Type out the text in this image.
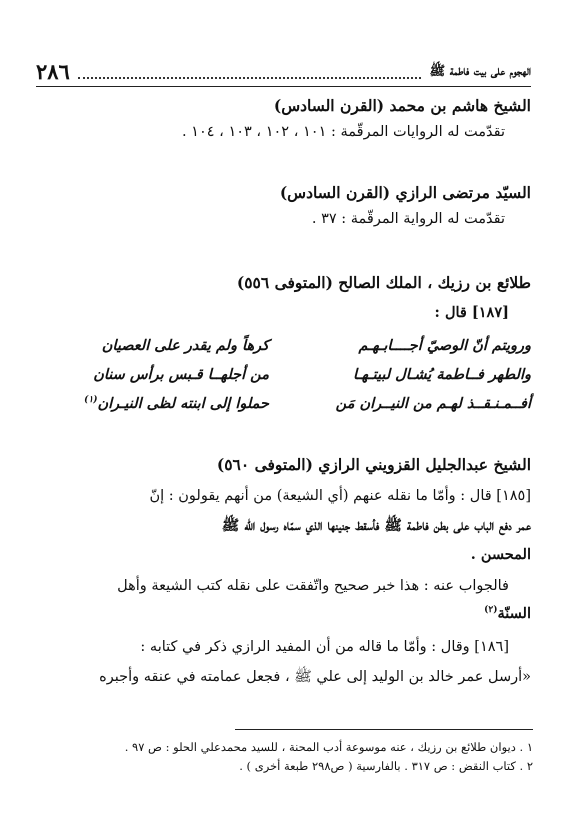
الهجوم على بيت فاطمة ﷺ
٢٨٦
الشيخ هاشم بن محمد (القرن السادس)
تقدّمت له الروايات المرقّمة : ١٠١ ، ١٠٢ ، ١٠٣ ، ١٠٤ .
السيّد مرتضى الرازي (القرن السادس)
تقدّمت له الرواية المرقّمة : ٣٧ .
طلائع بن رزيك ، الملك الصالح (المتوفى ٥٥٦)
[١٨٧] قال :
ورويتم أنّ الوصيّ أجــــابـهـم
كرهاً ولم يقدر على العصيان
والطهر فــاطمة يُشـال لبيتـهـا
من أجلهــا قـبس برأس سنان
أفــمـنـقــذ لهـم من النيــران مَن
حملوا إلى ابنته لظى النيـران$^{(١)}$
الشيخ عبدالجليل القزويني الرازي (المتوفى ٥٦٠)
[١٨٥] قال : وأمّا ما نقله عنهم (أي الشيعة) من أنهم يقولون : إنّ
عمر دفع الباب على بطن فاطمة ﷺ فأسقط جنينها الذي سمّاه رسول الله ﷺ
المحسن .
فالجواب عنه : هذا خبر صحيح واتّفقت على نقله كتب الشيعة وأهل
السنّة$^{(٢)}$
[١٨٦] وقال : وأمّا ما قاله من أن المفيد الرازي ذكر في كتابه :
«أرسل عمر خالد بن الوليد إلى علي ﷺ ، فجعل عمامته في عنقه وأجبره
١ . ديوان طلائع بن رزيك ، عنه موسوعة أدب المحنة ، للسيد محمدعلي الحلو : ص ٩٧ .
٢ . كتاب النقض : ص ٣١٧ . بالفارسية ( ص٢٩٨ طبعة أخرى ) .
